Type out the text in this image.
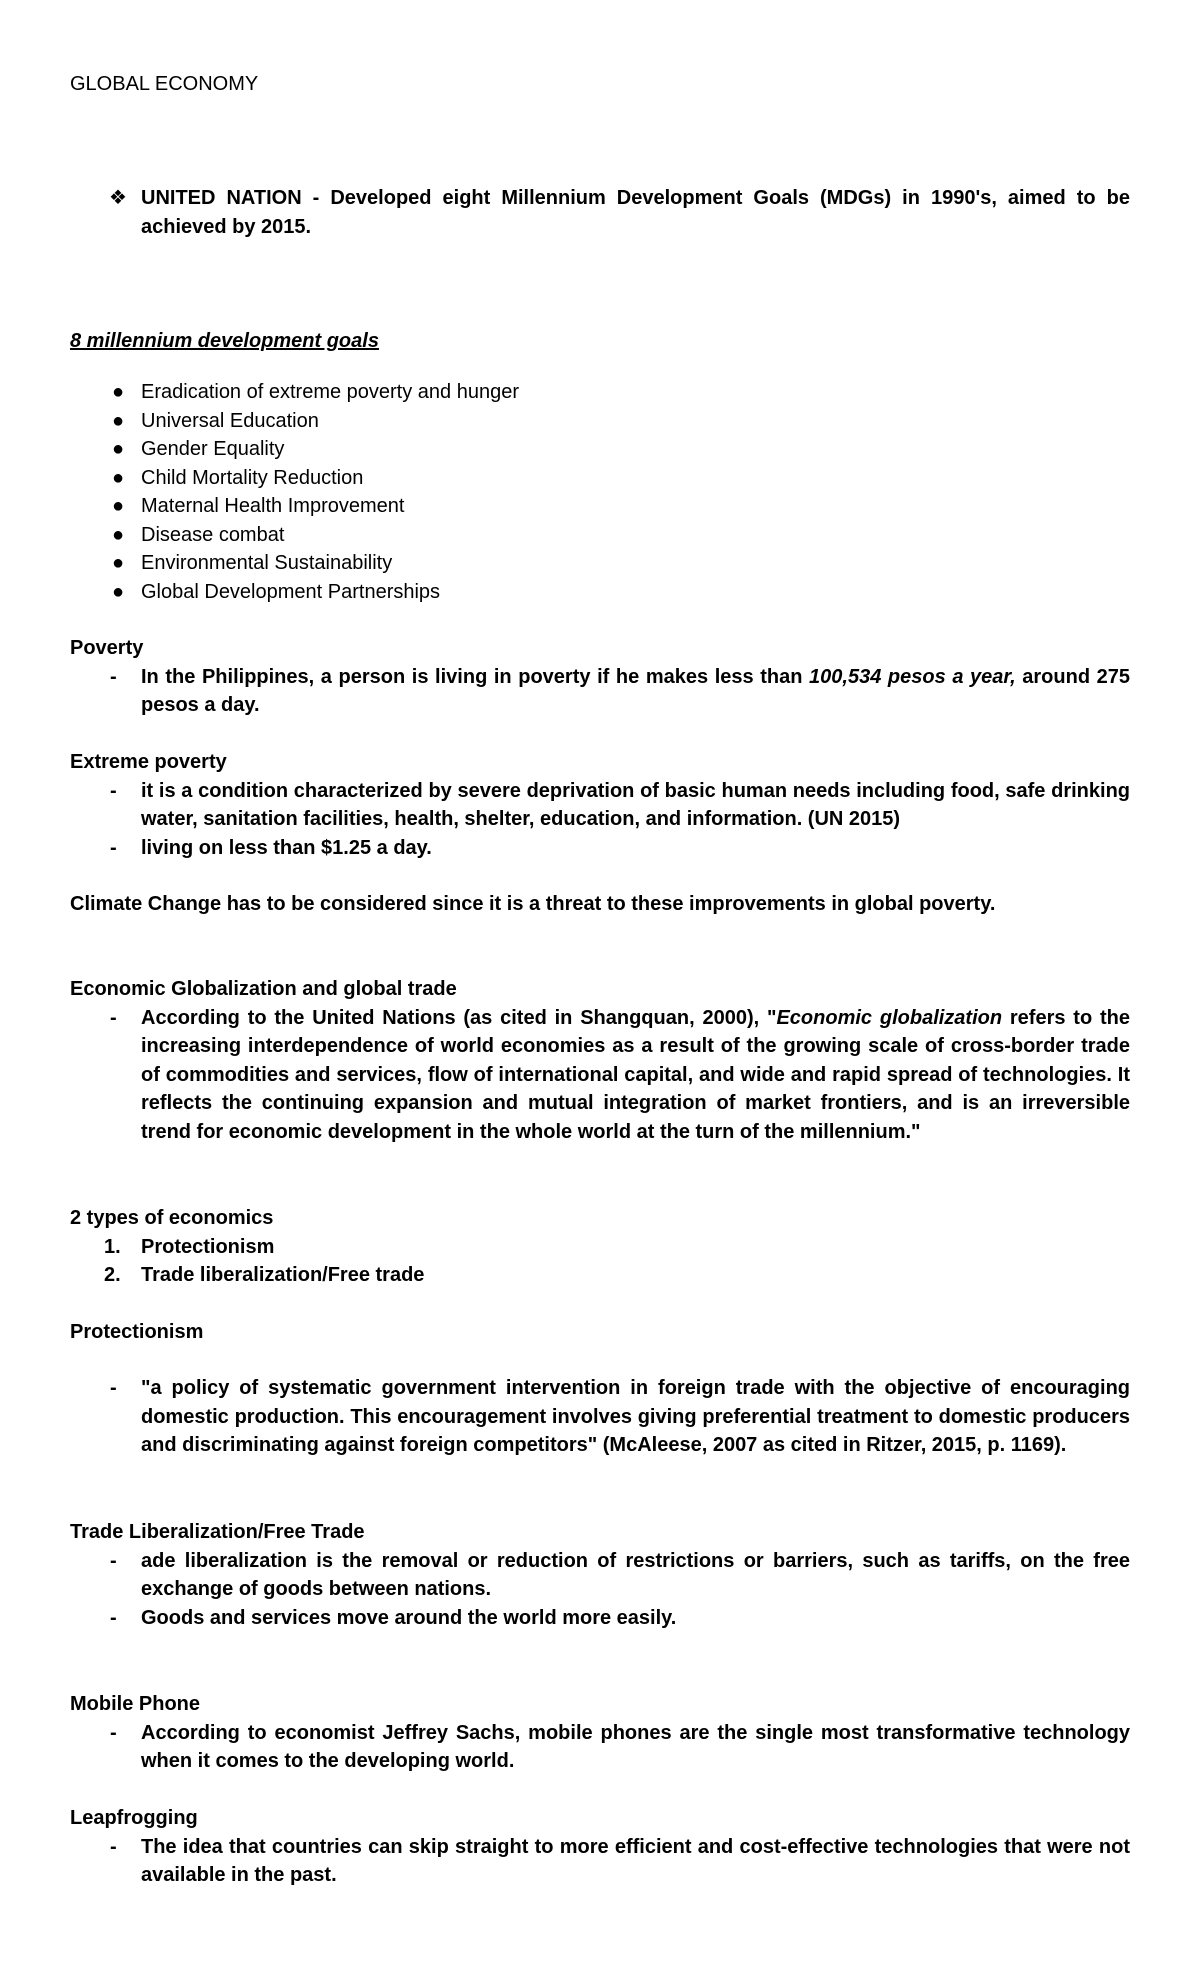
GLOBAL ECONOMY
❖ UNITED NATION - Developed eight Millennium Development Goals (MDGs) in 1990's, aimed to be achieved by 2015.
8 millennium development goals
● Eradication of extreme poverty and hunger
● Universal Education
● Gender Equality
● Child Mortality Reduction
● Maternal Health Improvement
● Disease combat
● Environmental Sustainability
● Global Development Partnerships
Poverty
- In the Philippines, a person is living in poverty if he makes less than 100,534 pesos a year, around 275 pesos a day.
Extreme poverty
- it is a condition characterized by severe deprivation of basic human needs including food, safe drinking water, sanitation facilities, health, shelter, education, and information. (UN 2015)
- living on less than $1.25 a day.
Climate Change has to be considered since it is a threat to these improvements in global poverty.
Economic Globalization and global trade
- According to the United Nations (as cited in Shangquan, 2000), "Economic globalization refers to the increasing interdependence of world economies as a result of the growing scale of cross-border trade of commodities and services, flow of international capital, and wide and rapid spread of technologies. It reflects the continuing expansion and mutual integration of market frontiers, and is an irreversible trend for economic development in the whole world at the turn of the millennium."
2 types of economics
1. Protectionism
2. Trade liberalization/Free trade
Protectionism
- "a policy of systematic government intervention in foreign trade with the objective of encouraging domestic production. This encouragement involves giving preferential treatment to domestic producers and discriminating against foreign competitors" (McAleese, 2007 as cited in Ritzer, 2015, p. 1169).
Trade Liberalization/Free Trade
- ade liberalization is the removal or reduction of restrictions or barriers, such as tariffs, on the free exchange of goods between nations.
- Goods and services move around the world more easily.
Mobile Phone
- According to economist Jeffrey Sachs, mobile phones are the single most transformative technology when it comes to the developing world.
Leapfrogging
- The idea that countries can skip straight to more efficient and cost-effective technologies that were not available in the past.
